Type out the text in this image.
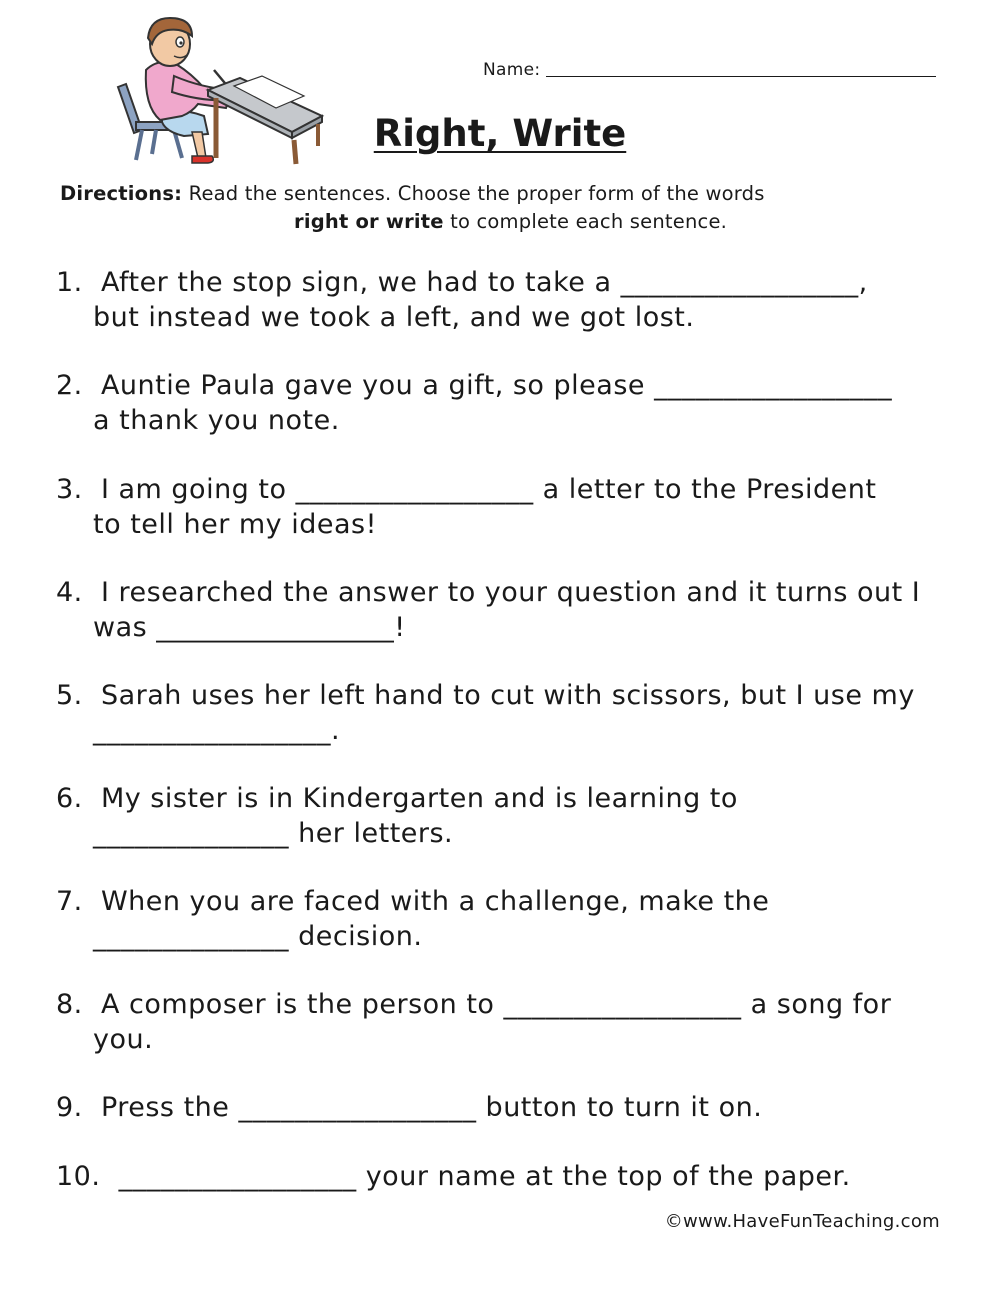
Name:
Right, Write
Directions: Read the sentences. Choose the proper form of the words
right or write to complete each sentence.
1. After the stop sign, we had to take a _________________,
but instead we took a left, and we got lost.
2. Auntie Paula gave you a gift, so please _________________
a thank you note.
3. I am going to _________________ a letter to the President
to tell her my ideas!
4. I researched the answer to your question and it turns out I
was _________________!
5. Sarah uses her left hand to cut with scissors, but I use my
_________________.
6. My sister is in Kindergarten and is learning to
______________ her letters.
7. When you are faced with a challenge, make the
______________ decision.
8. A composer is the person to _________________ a song for
you.
9. Press the _________________ button to turn it on.
10. _________________ your name at the top of the paper.
©www.HaveFunTeaching.com
